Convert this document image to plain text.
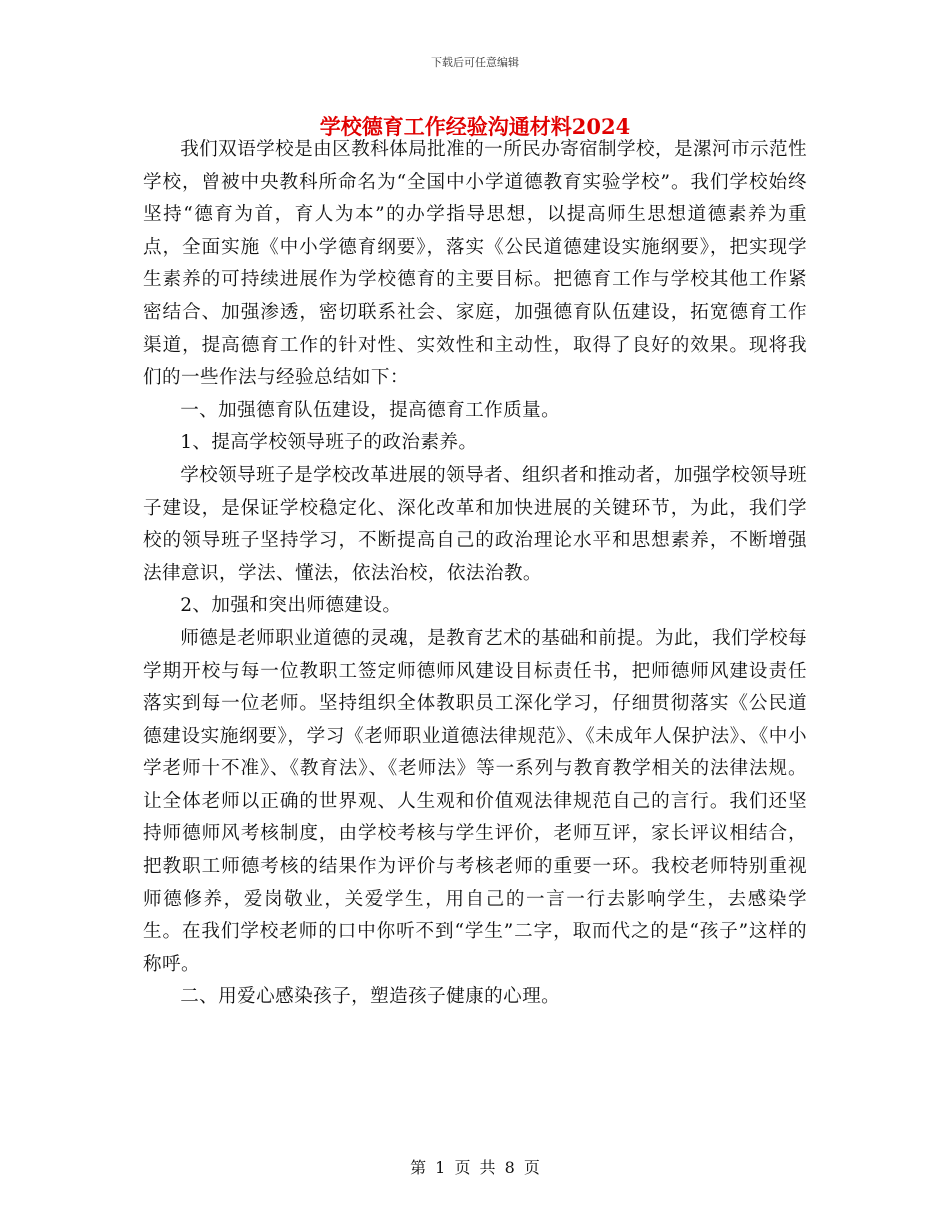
下载后可任意编辑
学校德育工作经验沟通材料2024

我们双语学校是由区教科体局批准的一所民办寄宿制学校，是漯河市示范性学校，曾被中央教科所命名为“全国中小学道德教育实验学校”。我们学校始终坚持“德育为首，育人为本”的办学指导思想，以提高师生思想道德素养为重点，全面实施《中小学德育纲要》，落实《公民道德建设实施纲要》，把实现学生素养的可持续进展作为学校德育的主要目标。把德育工作与学校其他工作紧密结合、加强渗透，密切联系社会、家庭，加强德育队伍建设，拓宽德育工作渠道，提高德育工作的针对性、实效性和主动性，取得了良好的效果。现将我们的一些作法与经验总结如下：

一、加强德育队伍建设，提高德育工作质量。

1、提高学校领导班子的政治素养。

学校领导班子是学校改革进展的领导者、组织者和推动者，加强学校领导班子建设，是保证学校稳定化、深化改革和加快进展的关键环节，为此，我们学校的领导班子坚持学习，不断提高自己的政治理论水平和思想素养，不断增强法律意识，学法、懂法，依法治校，依法治教。

2、加强和突出师德建设。

师德是老师职业道德的灵魂，是教育艺术的基础和前提。为此，我们学校每学期开校与每一位教职工签定师德师风建设目标责任书，把师德师风建设责任落实到每一位老师。坚持组织全体教职员工深化学习，仔细贯彻落实《公民道德建设实施纲要》，学习《老师职业道德法律规范》、《未成年人保护法》、《中小学老师十不准》、《教育法》、《老师法》等一系列与教育教学相关的法律法规。让全体老师以正确的世界观、人生观和价值观法律规范自己的言行。我们还坚持师德师风考核制度，由学校考核与学生评价，老师互评，家长评议相结合，把教职工师德考核的结果作为评价与考核老师的重要一环。我校老师特别重视师德修养，爱岗敬业，关爱学生，用自己的一言一行去影响学生，去感染学生。在我们学校老师的口中你听不到“学生”二字，取而代之的是“孩子”这样的称呼。

二、用爱心感染孩子，塑造孩子健康的心理。

第 1 页 共 8 页
